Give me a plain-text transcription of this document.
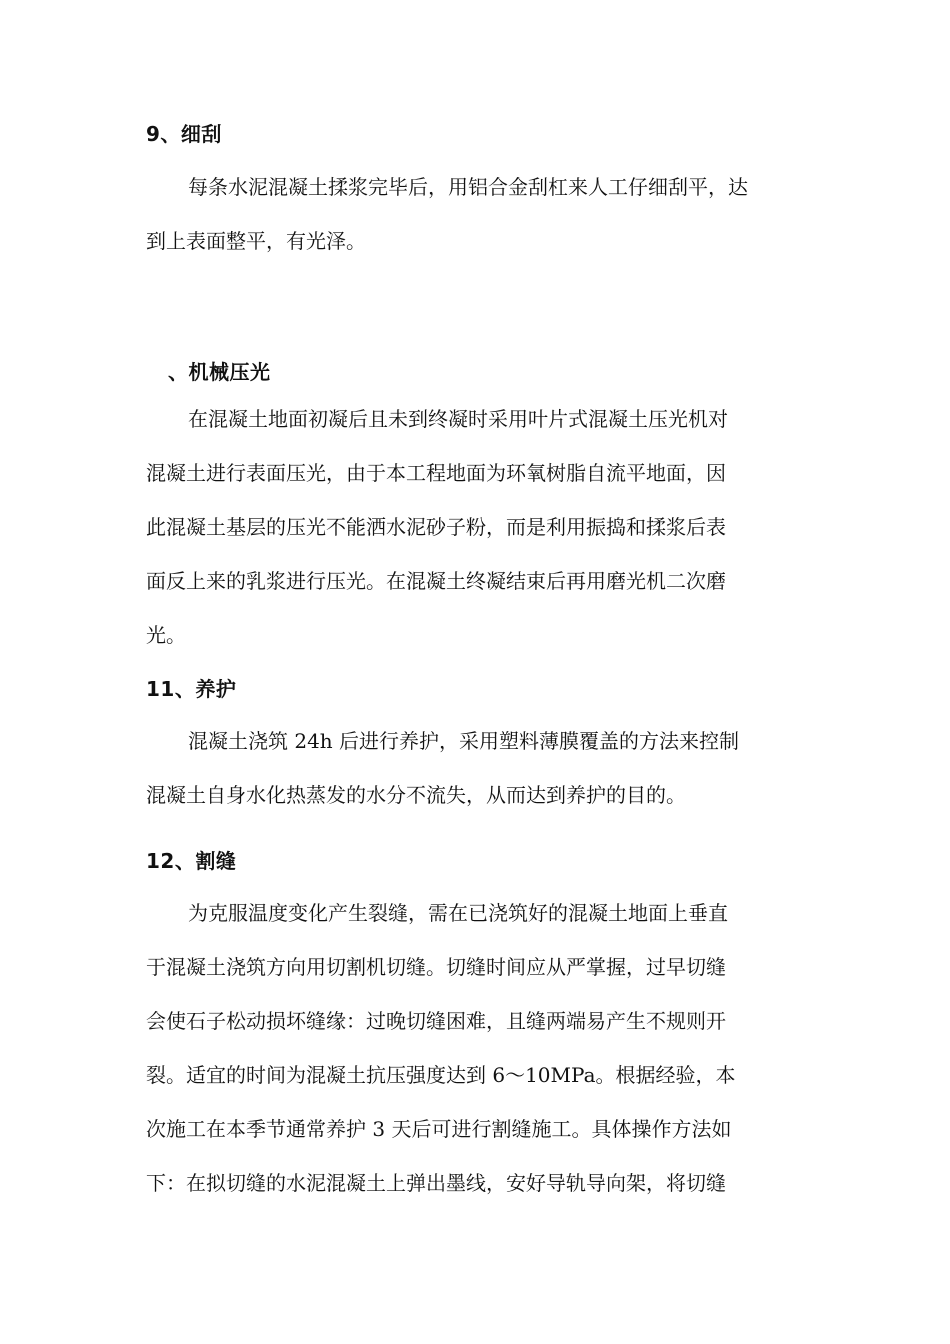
9、细刮
每条水泥混凝土揉浆完毕后，用铝合金刮杠来人工仔细刮平，达
到上表面整平，有光泽。
、机械压光
在混凝土地面初凝后且未到终凝时采用叶片式混凝土压光机对
混凝土进行表面压光，由于本工程地面为环氧树脂自流平地面，因
此混凝土基层的压光不能洒水泥砂子粉，而是利用振捣和揉浆后表
面反上来的乳浆进行压光。在混凝土终凝结束后再用磨光机二次磨
光。
11、养护
混凝土浇筑 24h 后进行养护，采用塑料薄膜覆盖的方法来控制
混凝土自身水化热蒸发的水分不流失，从而达到养护的目的。
12、割缝
为克服温度变化产生裂缝，需在已浇筑好的混凝土地面上垂直
于混凝土浇筑方向用切割机切缝。切缝时间应从严掌握，过早切缝
会使石子松动损坏缝缘：过晚切缝困难，且缝两端易产生不规则开
裂。适宜的时间为混凝土抗压强度达到 6～10MPa。根据经验，本
次施工在本季节通常养护 3 天后可进行割缝施工。具体操作方法如
下：在拟切缝的水泥混凝土上弹出墨线，安好导轨导向架，将切缝
